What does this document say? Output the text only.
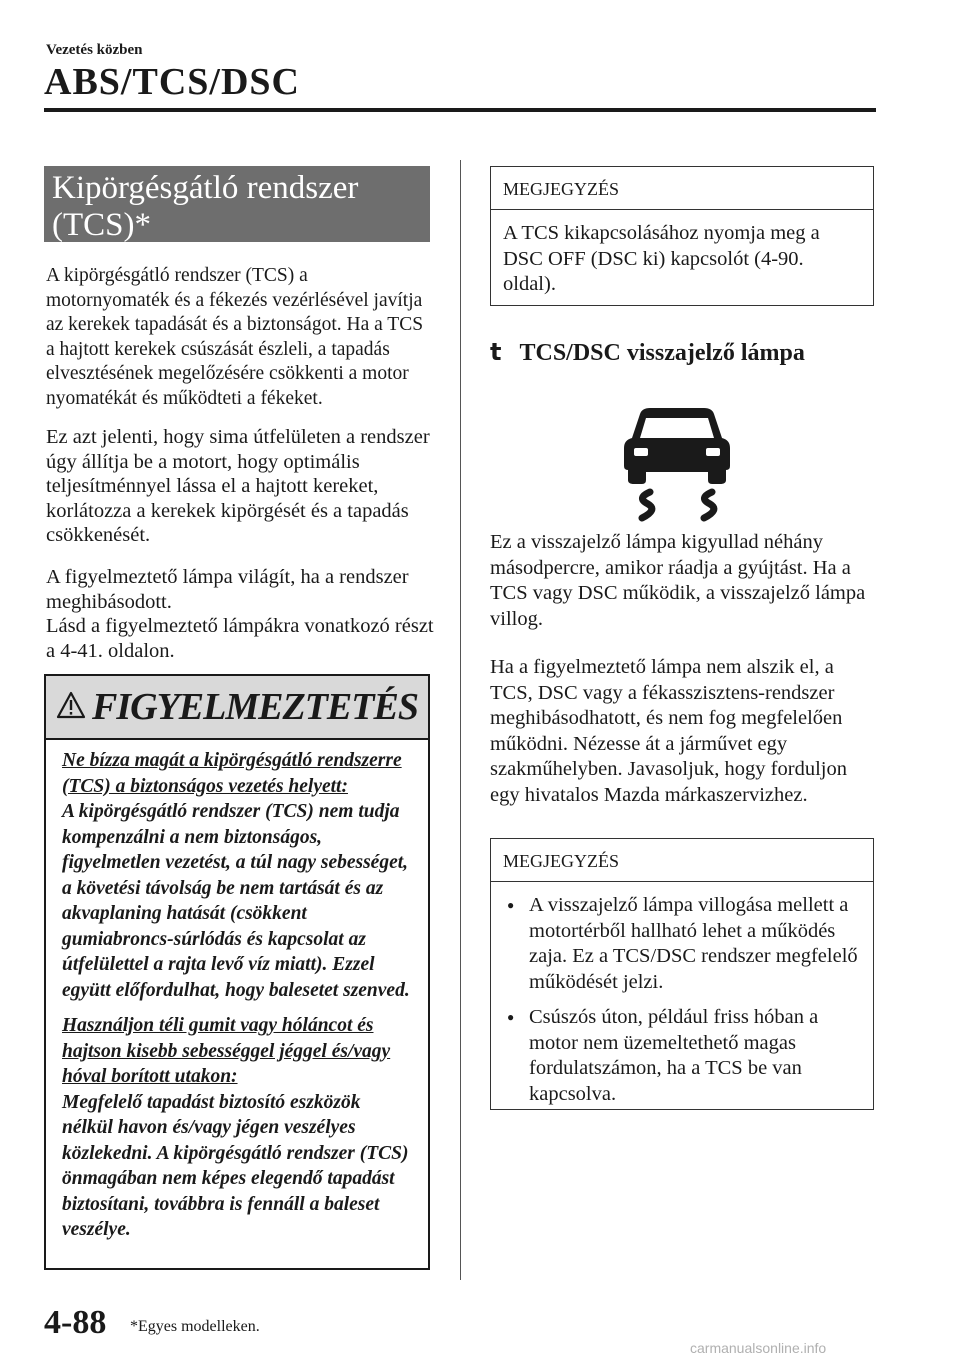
Vezetés közben
ABS/TCS/DSC
Kipörgésgátló rendszer
(TCS)*
A kipörgésgátló rendszer (TCS) a motornyomaték és a fékezés vezérlésével javítja az kerekek tapadását és a biztonságot. Ha a TCS a hajtott kerekek csúszását észleli, a tapadás elvesztésének megelőzésére csökkenti a motor nyomatékát és működteti a fékeket.
Ez azt jelenti, hogy sima útfelületen a rendszer úgy állítja be a motort, hogy optimális teljesítménnyel lássa el a hajtott kereket, korlátozza a kerekek kipörgését és a tapadás csökkenését.
A figyelmeztető lámpa világít, ha a rendszer meghibásodott.
Lásd a figyelmeztető lámpákra vonatkozó részt a 4-41. oldalon.
FIGYELMEZTETÉS

Ne bízza magát a kipörgésgátló rendszerre (TCS) a biztonságos vezetés helyett:
A kipörgésgátló rendszer (TCS) nem tudja kompenzálni a nem biztonságos, figyelmetlen vezetést, a túl nagy sebességet, a követési távolság be nem tartását és az akvaplaning hatását (csökkent gumiabroncs-súrlódás és kapcsolat az útfelülettel a rajta levő víz miatt). Ezzel együtt előfordulhat, hogy balesetet szenved.

Használjon téli gumit vagy hóláncot és hajtson kisebb sebességgel jéggel és/vagy hóval borított utakon:
Megfelelő tapadást biztosító eszközök nélkül havon és/vagy jégen veszélyes közlekedni. A kipörgésgátló rendszer (TCS) önmagában nem képes elegendő tapadást biztosítani, továbbra is fennáll a baleset veszélye.

MEGJEGYZÉS
A TCS kikapcsolásához nyomja meg a DSC OFF (DSC ki) kapcsolót (4-90. oldal).
t TCS/DSC visszajelző lámpa
Ez a visszajelző lámpa kigyullad néhány másodpercre, amikor ráadja a gyújtást. Ha a TCS vagy DSC működik, a visszajelző lámpa villog.
Ha a figyelmeztető lámpa nem alszik el, a TCS, DSC vagy a fékasszisztens-rendszer meghibásodhatott, és nem fog megfelelően működni. Nézesse át a járművet egy szakműhelyben. Javasoljuk, hogy forduljon egy hivatalos Mazda márkaszervizhez.
MEGJEGYZÉS
● A visszajelző lámpa villogása mellett a motortérből hallható lehet a működés zaja. Ez a TCS/DSC rendszer megfelelő működését jelzi.
● Csúszós úton, például friss hóban a motor nem üzemeltethető magas fordulatszámon, ha a TCS be van kapcsolva.
4-88 *Egyes modelleken.
carmanualsonline.info
